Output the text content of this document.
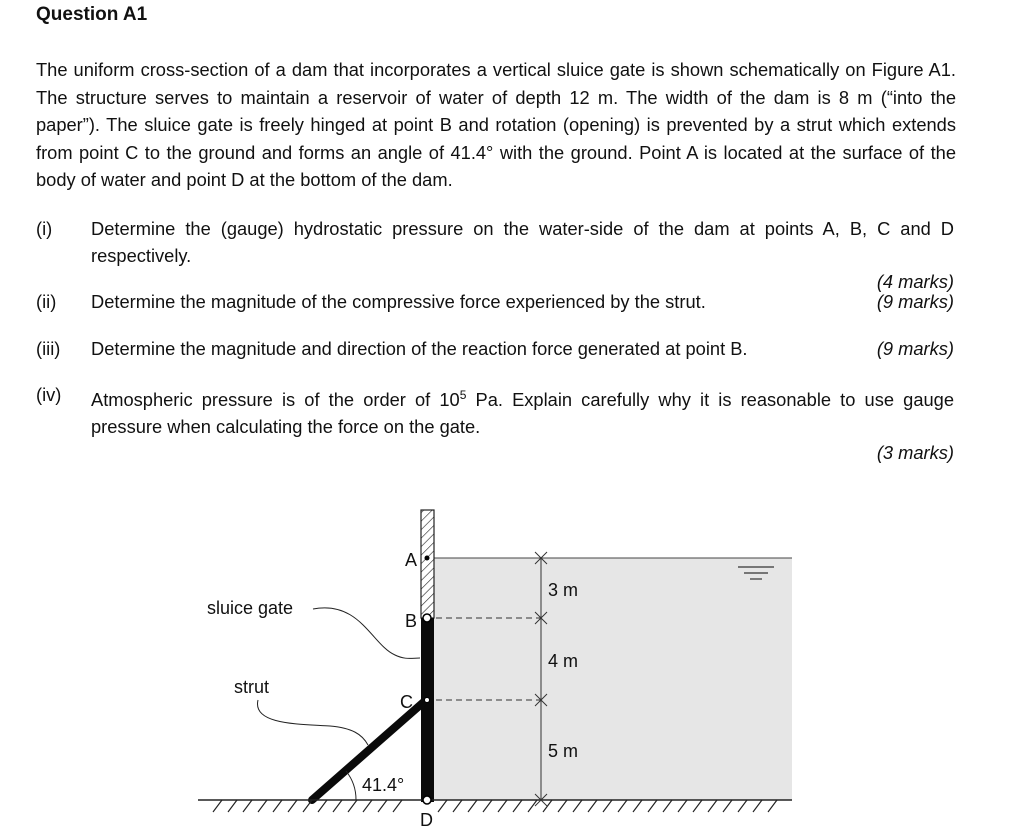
Question A1

The uniform cross-section of a dam that incorporates a vertical sluice gate is shown schematically on Figure A1. The structure serves to maintain a reservoir of water of depth 12 m. The width of the dam is 8 m (“into the paper”). The sluice gate is freely hinged at point B and rotation (opening) is prevented by a strut which extends from point C to the ground and forms an angle of 41.4° with the ground. Point A is located at the surface of the body of water and point D at the bottom of the dam.

(i) Determine the (gauge) hydrostatic pressure on the water-side of the dam at points A, B, C and D respectively.
(4 marks)
(ii) Determine the magnitude of the compressive force experienced by the strut.	(9 marks)
(iii) Determine the magnitude and direction of the reaction force generated at point B.	(9 marks)
(iv) Atmospheric pressure is of the order of $10^5$ Pa. Explain carefully why it is reasonable to use gauge pressure when calculating the force on the gate.
(3 marks)
3 m
4 m
5 m
A
B
C
D
sluice gate
strut
41.4°
